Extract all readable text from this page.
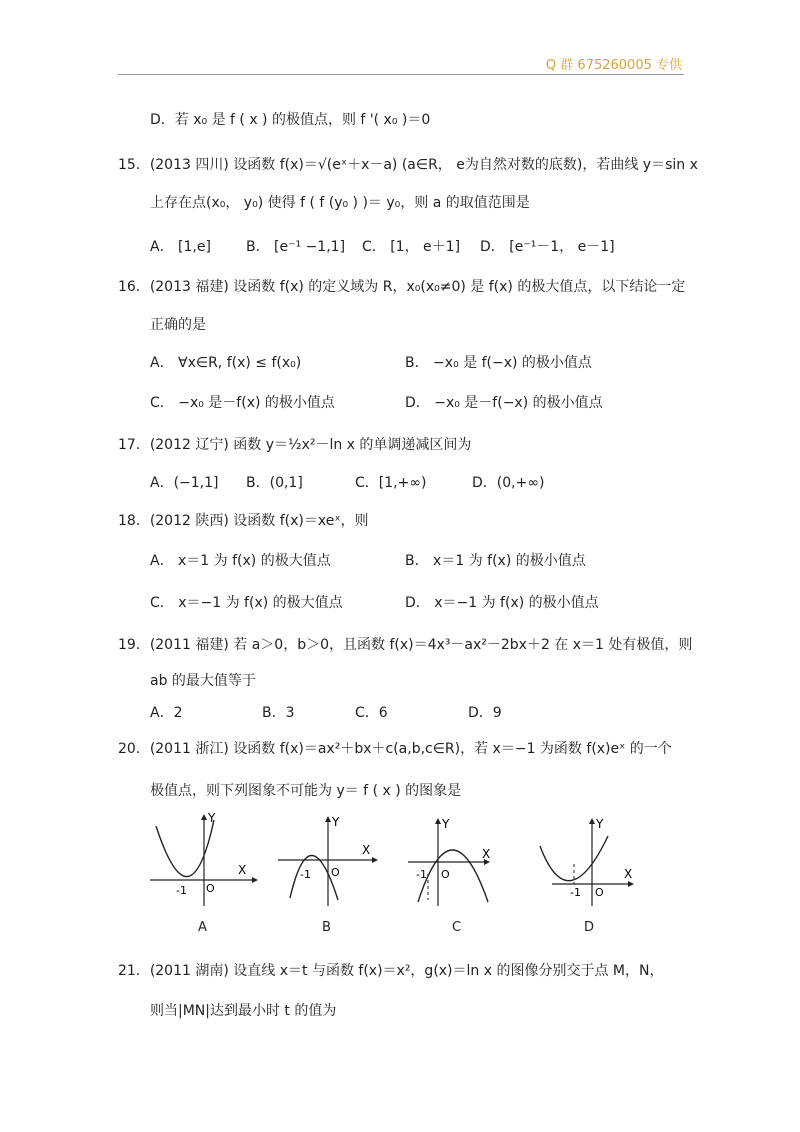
Q 群 675260005 专供
D．若 x₀ 是 f ( x ) 的极值点，则 f '( x₀ )＝0
15．(2013 四川) 设函数 f(x)＝√(eˣ＋x－a) (a∈R， e为自然对数的底数)，若曲线 y＝sin x
上存在点(x₀， y₀) 使得 f ( f (y₀ ) )＝ y₀，则 a 的取值范围是
A． [1,e]	B． [e⁻¹ −1,1] C． [1， e＋1] D． [e⁻¹－1， e－1]
16．(2013 福建) 设函数 f(x) 的定义域为 R，x₀(x₀≠0) 是 f(x) 的极大值点，以下结论一定
正确的是
A． ∀x∈R, f(x) ≤ f(x₀)	B． −x₀ 是 f(−x) 的极小值点
C． −x₀ 是－f(x) 的极小值点	D． −x₀ 是－f(−x) 的极小值点
17．(2012 辽宁) 函数 y＝½x²－ln x 的单调递减区间为
A．(−1,1] B．(0,1]	C．[1,+∞)	D．(0,+∞)
18．(2012 陕西) 设函数 f(x)＝xeˣ，则
A． x＝1 为 f(x) 的极大值点	B． x＝1 为 f(x) 的极小值点
C． x＝−1 为 f(x) 的极大值点	D． x＝−1 为 f(x) 的极小值点
19．(2011 福建) 若 a＞0，b＞0，且函数 f(x)＝4x³－ax²－2bx＋2 在 x＝1 处有极值，则
ab 的最大值等于
A．2	B．3	C．6	D．9
20．(2011 浙江) 设函数 f(x)＝ax²＋bx＋c(a,b,c∈R)，若 x＝−1 为函数 f(x)eˣ 的一个
极值点，则下列图象不可能为 y＝ f ( x ) 的图象是
X
Y
-1 O
A
X
Y
-1 O
B
X
Y
-1 O
C
X
Y
-1 O
D
21．(2011 湖南) 设直线 x＝t 与函数 f(x)＝x²，g(x)＝ln x 的图像分别交于点 M，N，
则当|MN|达到最小时 t 的值为
